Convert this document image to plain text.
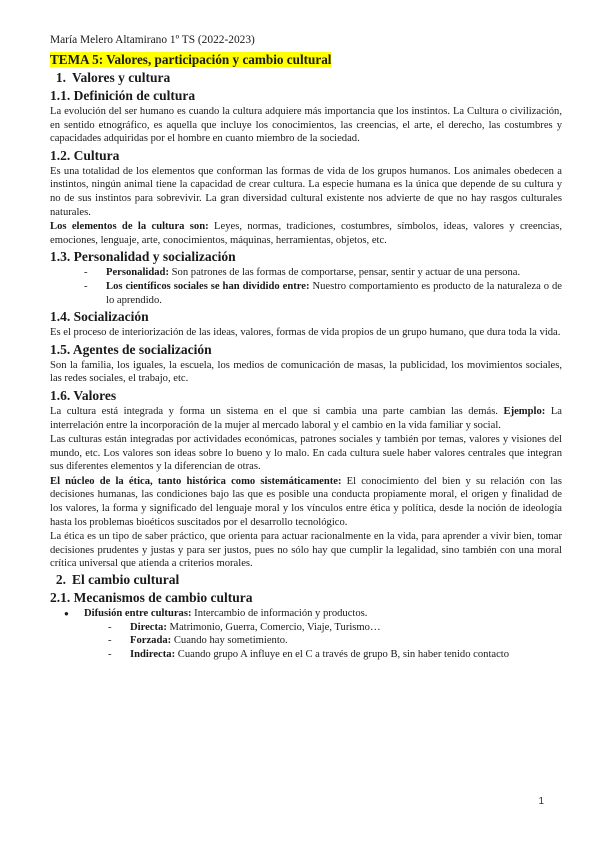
María Melero Altamirano 1º TS (2022-2023)
TEMA 5: Valores, participación y cambio cultural
1. Valores y cultura
1.1. Definición de cultura

La evolución del ser humano es cuando la cultura adquiere más importancia que los instintos. La Cultura o civilización, en sentido etnográfico, es aquella que incluye los conocimientos, las creencias, el arte, el derecho, las costumbres y capacidades adquiridas por el hombre en cuanto miembro de la sociedad.

1.2. Cultura

Es una totalidad de los elementos que conforman las formas de vida de los grupos humanos. Los animales obedecen a instintos, ningún animal tiene la capacidad de crear cultura. La especie humana es la única que depende de su cultura y no de sus instintos para sobrevivir. La gran diversidad cultural existente nos advierte de que no hay rasgos culturales naturales.

Los elementos de la cultura son: Leyes, normas, tradiciones, costumbres, símbolos, ideas, valores y creencias, emociones, lenguaje, arte, conocimientos, máquinas, herramientas, objetos, etc.

1.3. Personalidad y socialización
- Personalidad: Son patrones de las formas de comportarse, pensar, sentir y actuar de una persona.
- Los científicos sociales se han dividido entre: Nuestro comportamiento es producto de la naturaleza o de lo aprendido.
1.4. Socialización

Es el proceso de interiorización de las ideas, valores, formas de vida propios de un grupo humano, que dura toda la vida.

1.5. Agentes de socialización

Son la familia, los iguales, la escuela, los medios de comunicación de masas, la publicidad, los movimientos sociales, las redes sociales, el trabajo, etc.

1.6. Valores

La cultura está integrada y forma un sistema en el que si cambia una parte cambian las demás. Ejemplo: La interrelación entre la incorporación de la mujer al mercado laboral y el cambio en la vida familiar y social.

Las culturas están integradas por actividades económicas, patrones sociales y también por temas, valores y visiones del mundo, etc. Los valores son ideas sobre lo bueno y lo malo. En cada cultura suele haber valores centrales que integran sus diferentes elementos y la diferencian de otras.

El núcleo de la ética, tanto histórica como sistemáticamente: El conocimiento del bien y su relación con las decisiones humanas, las condiciones bajo las que es posible una conducta propiamente moral, el origen y finalidad de los valores, la forma y significado del lenguaje moral y los vínculos entre ética y política, desde la noción de ideología hasta los problemas bioéticos suscitados por el desarrollo tecnológico.

La ética es un tipo de saber práctico, que orienta para actuar racionalmente en la vida, para aprender a vivir bien, tomar decisiones prudentes y justas y para ser justos, pues no sólo hay que cumplir la legalidad, sino también con una moral crítica universal que atienda a criterios morales.

2. El cambio cultural
2.1. Mecanismos de cambio cultura
● Difusión entre culturas: Intercambio de información y productos.
- Directa: Matrimonio, Guerra, Comercio, Viaje, Turismo…
- Forzada: Cuando hay sometimiento.
- Indirecta: Cuando grupo A influye en el C a través de grupo B, sin haber tenido contacto
1
